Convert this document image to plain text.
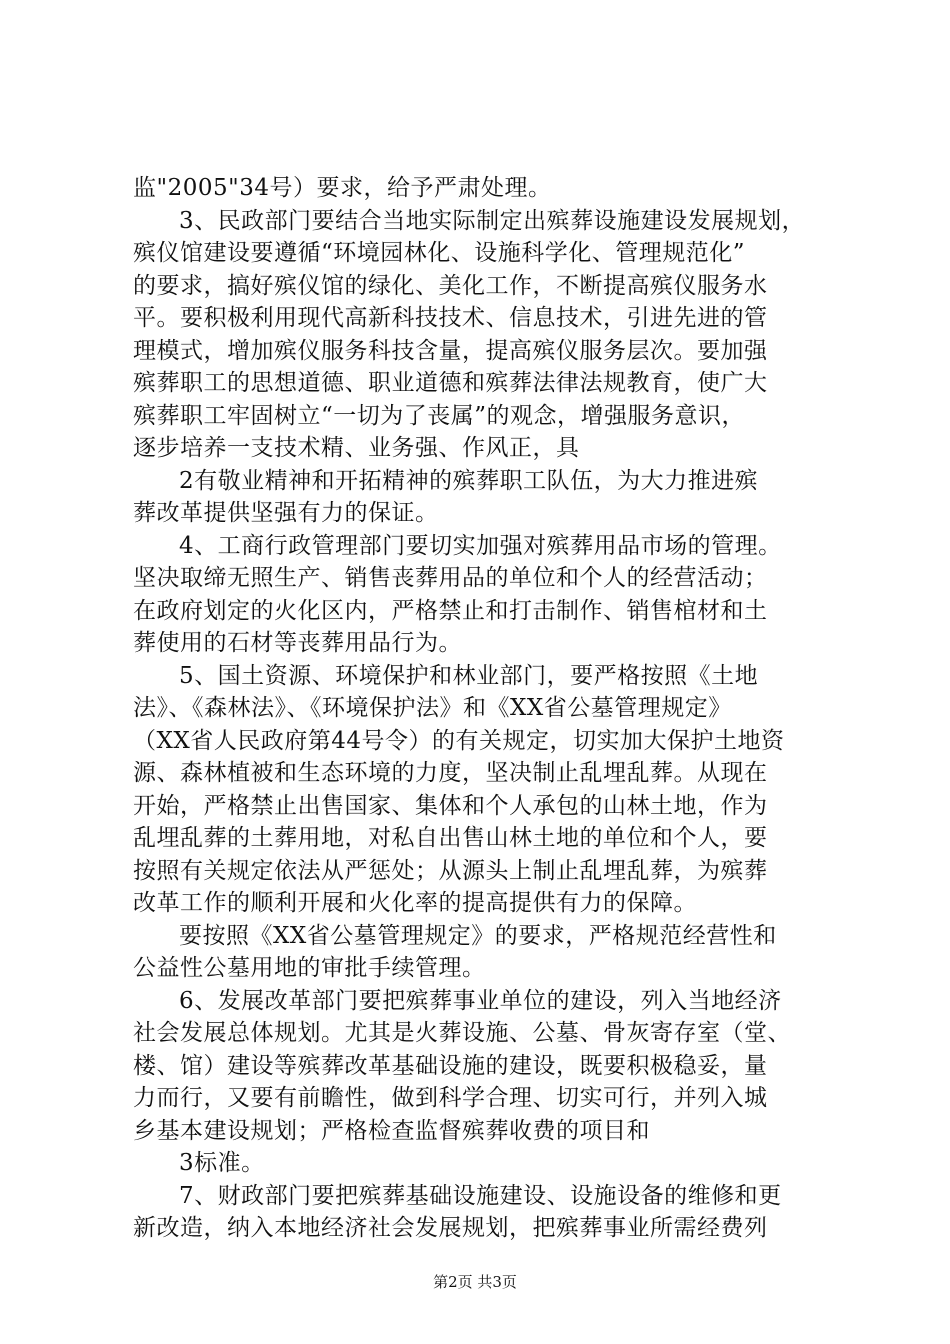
监"2005"34号）要求，给予严肃处理。
3、民政部门要结合当地实际制定出殡葬设施建设发展规划，
殡仪馆建设要遵循“环境园林化、设施科学化、管理规范化”
的要求，搞好殡仪馆的绿化、美化工作，不断提高殡仪服务水
平。要积极利用现代高新科技技术、信息技术，引进先进的管
理模式，增加殡仪服务科技含量，提高殡仪服务层次。要加强
殡葬职工的思想道德、职业道德和殡葬法律法规教育，使广大
殡葬职工牢固树立“一切为了丧属”的观念，增强服务意识，
逐步培养一支技术精、业务强、作风正，具
2有敬业精神和开拓精神的殡葬职工队伍，为大力推进殡
葬改革提供坚强有力的保证。
4、工商行政管理部门要切实加强对殡葬用品市场的管理。
坚决取缔无照生产、销售丧葬用品的单位和个人的经营活动；
在政府划定的火化区内，严格禁止和打击制作、销售棺材和土
葬使用的石材等丧葬用品行为。
5、国土资源、环境保护和林业部门，要严格按照《土地
法》、《森林法》、《环境保护法》和《XX省公墓管理规定》
（XX省人民政府第44号令）的有关规定，切实加大保护土地资
源、森林植被和生态环境的力度，坚决制止乱埋乱葬。从现在
开始，严格禁止出售国家、集体和个人承包的山林土地，作为
乱埋乱葬的土葬用地，对私自出售山林土地的单位和个人，要
按照有关规定依法从严惩处；从源头上制止乱埋乱葬，为殡葬
改革工作的顺利开展和火化率的提高提供有力的保障。
要按照《XX省公墓管理规定》的要求，严格规范经营性和
公益性公墓用地的审批手续管理。
6、发展改革部门要把殡葬事业单位的建设，列入当地经济
社会发展总体规划。尤其是火葬设施、公墓、骨灰寄存室（堂、
楼、馆）建设等殡葬改革基础设施的建设，既要积极稳妥，量
力而行，又要有前瞻性，做到科学合理、切实可行，并列入城
乡基本建设规划；严格检查监督殡葬收费的项目和
3标准。
7、财政部门要把殡葬基础设施建设、设施设备的维修和更
新改造，纳入本地经济社会发展规划，把殡葬事业所需经费列
第2页 共3页
